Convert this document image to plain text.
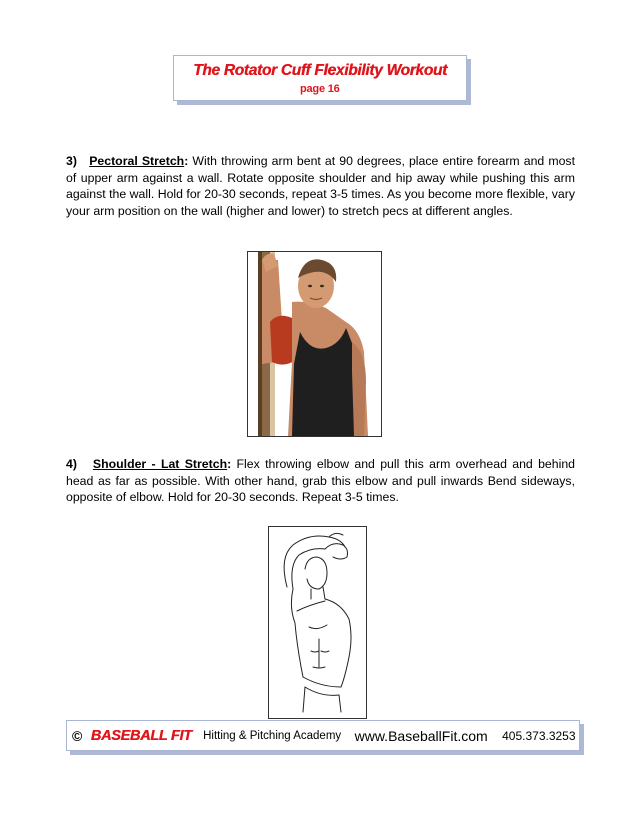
The Rotator Cuff Flexibility Workout
page 16
3) Pectoral Stretch: With throwing arm bent at 90 degrees, place entire forearm and most of upper arm against a wall. Rotate opposite shoulder and hip away while pushing this arm against the wall. Hold for 20-30 seconds, repeat 3-5 times. As you become more flexible, vary your arm position on the wall (higher and lower) to stretch pecs at different angles.
4) Shoulder - Lat Stretch: Flex throwing elbow and pull this arm overhead and behind head as far as possible. With other hand, grab this elbow and pull inwards Bend sideways, opposite of elbow. Hold for 20-30 seconds. Repeat 3-5 times.
© BASEBALL FIT Hitting & Pitching Academy www.BaseballFit.com 405.373.3253
